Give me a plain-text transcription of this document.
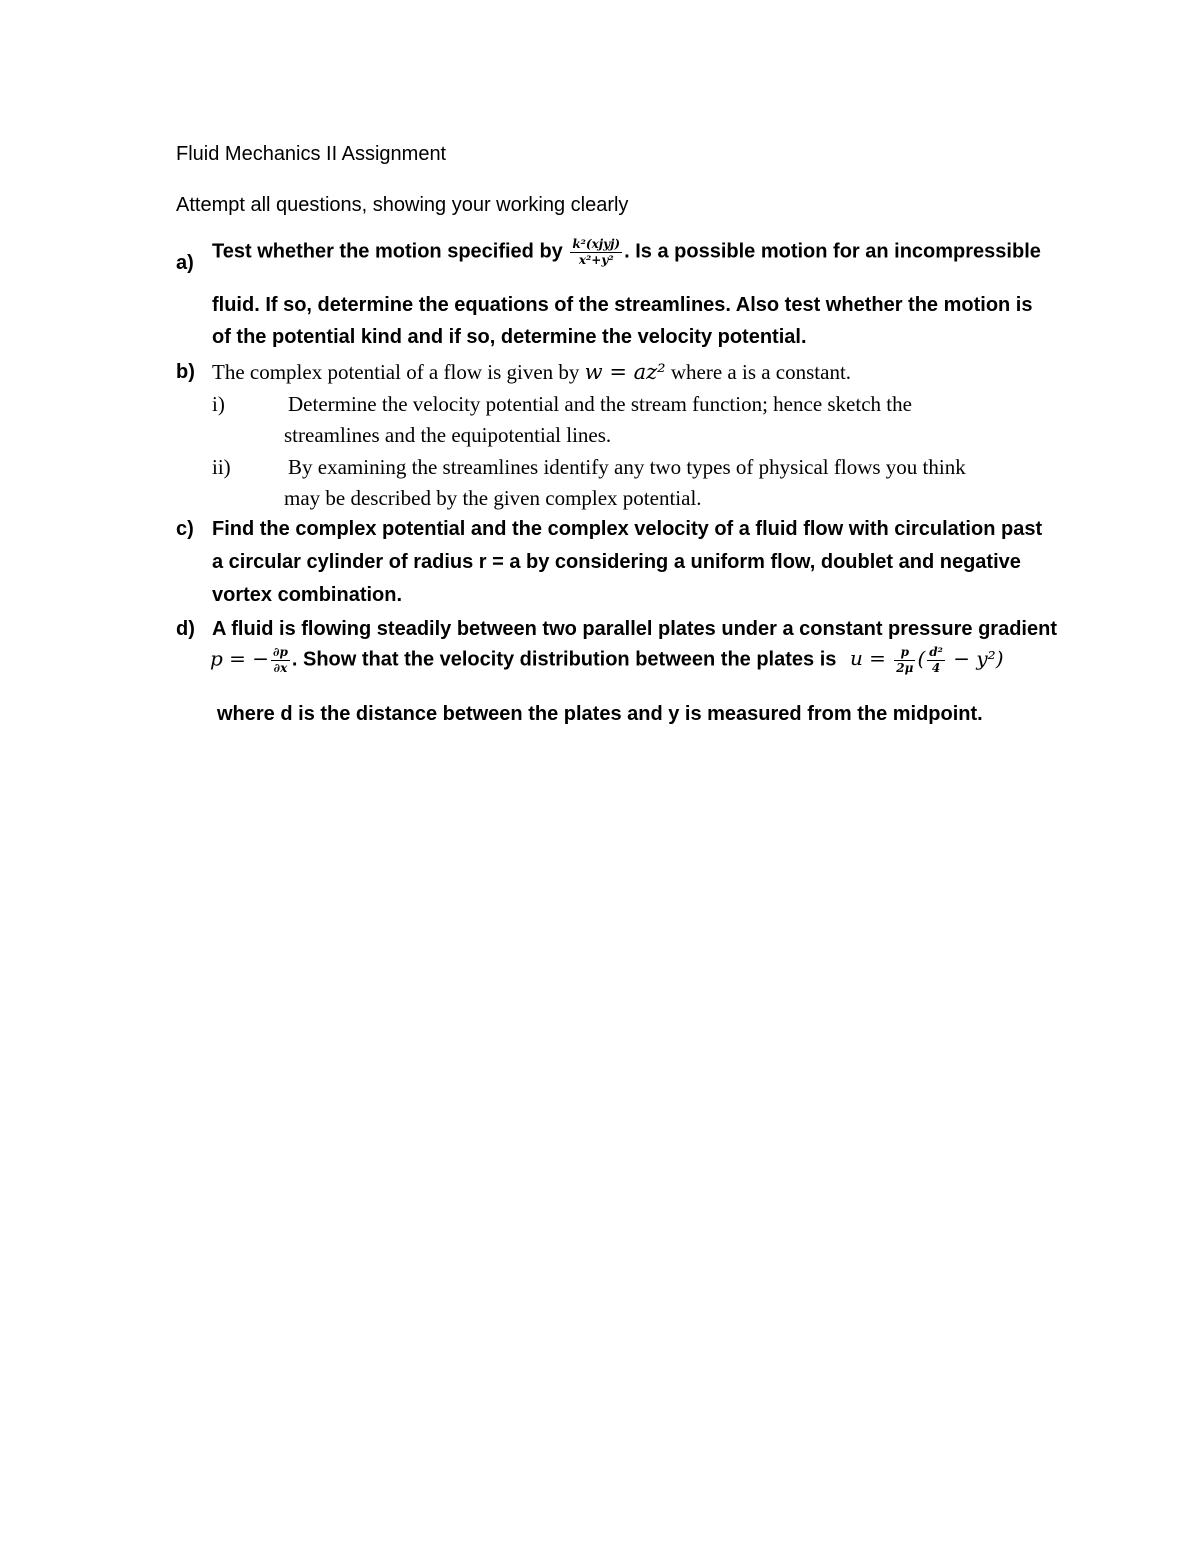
Fluid Mechanics II Assignment
Attempt all questions, showing your working clearly
a)
Test whether the motion specified by $\frac{\text{k²(xjyj)}}{\text{x²+y²}}$ . Is a possible motion for an incompressible
fluid. If so, determine the equations of the streamlines. Also test whether the motion is
of the potential kind and if so, determine the velocity potential.
b) The complex potential of a flow is given by w = az² where a is a constant.
i)	Determine the velocity potential and the stream function; hence sketch the
streamlines and the equipotential lines.
ii)	By examining the streamlines identify any two types of physical flows you think
may be described by the given complex potential.
c) Find the complex potential and the complex velocity of a fluid flow with circulation past
a circular cylinder of radius r = a by considering a uniform flow, doublet and negative
vortex combination.
d) A fluid is flowing steadily between two parallel plates under a constant pressure gradient
p = − $\frac{\partial p}{\partial x}$ . Show that the velocity distribution between the plates is $u = \frac{p}{2\mu}$ ( $\frac{\text{d²}}{4} - y^2$)
where d is the distance between the plates and y is measured from the midpoint.
